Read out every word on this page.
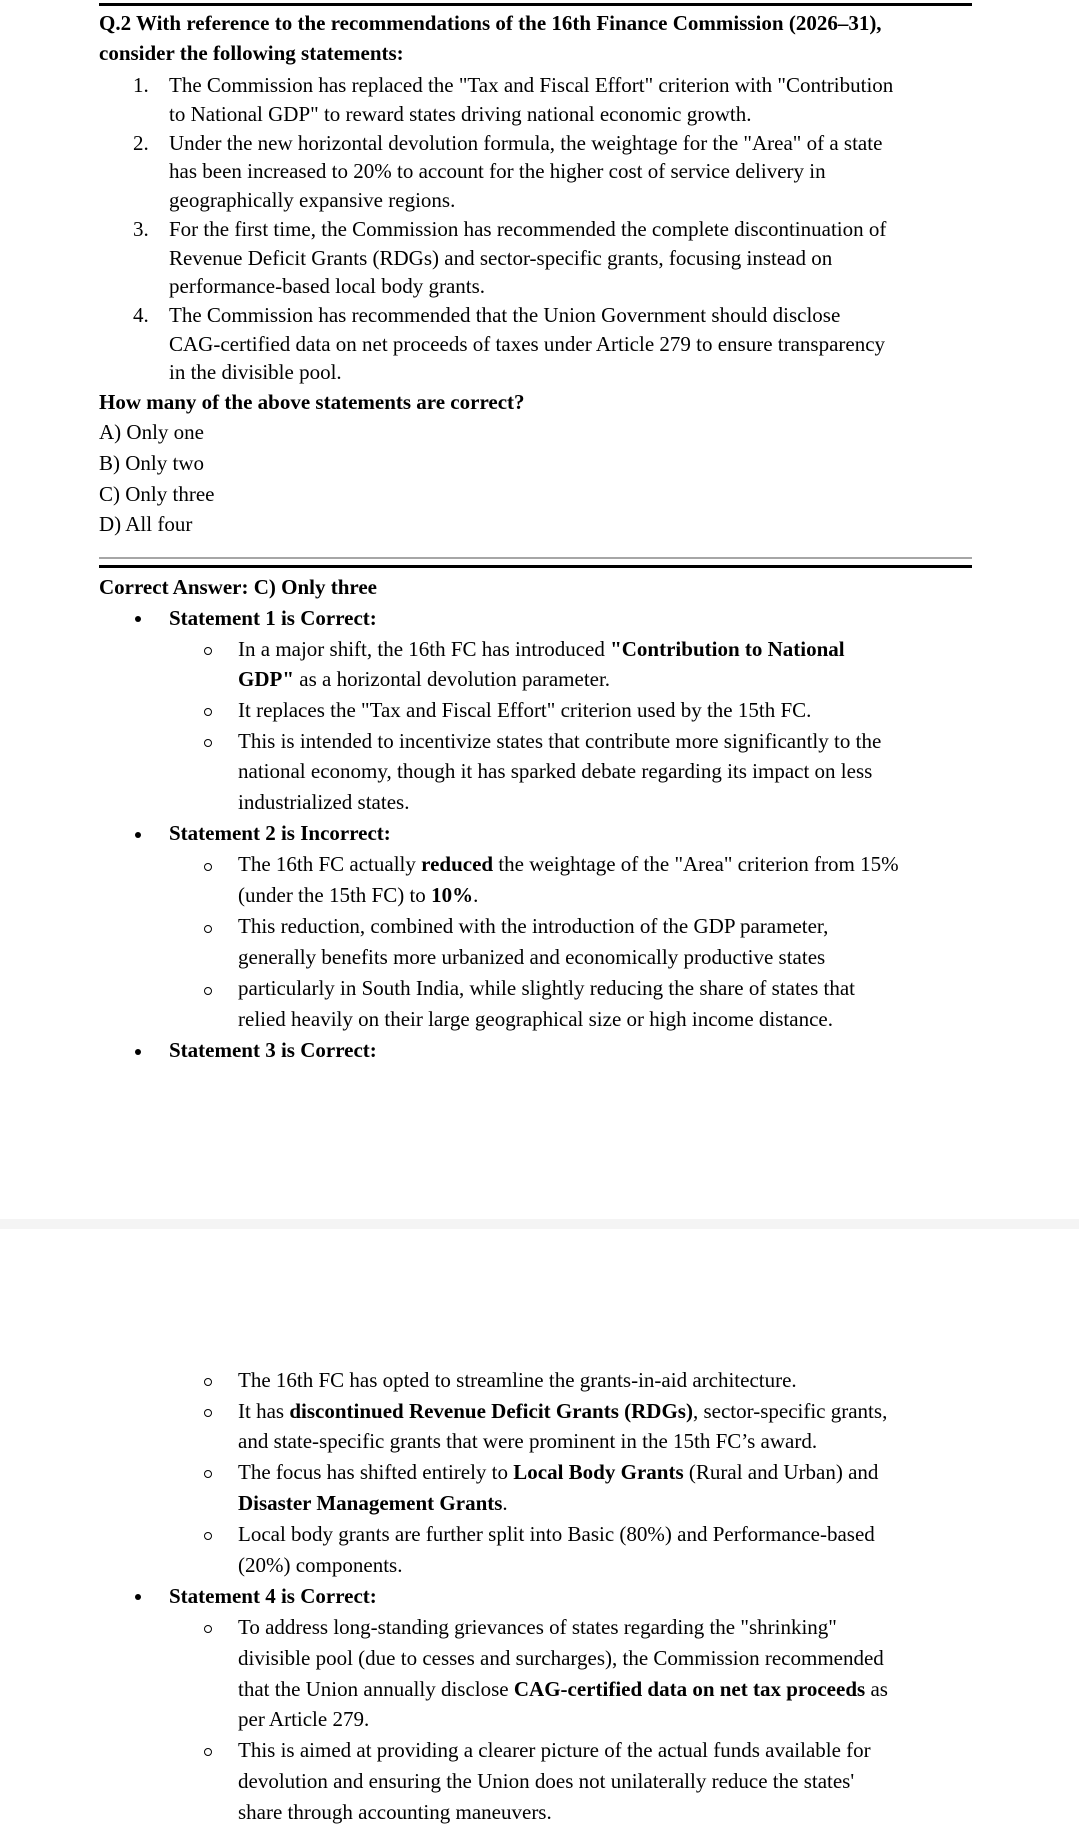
Q.2 With reference to the recommendations of the 16th Finance Commission (2026–31),
consider the following statements:
1. The Commission has replaced the "Tax and Fiscal Effort" criterion with "Contribution
to National GDP" to reward states driving national economic growth.
2. Under the new horizontal devolution formula, the weightage for the "Area" of a state
has been increased to 20% to account for the higher cost of service delivery in
geographically expansive regions.
3. For the first time, the Commission has recommended the complete discontinuation of
Revenue Deficit Grants (RDGs) and sector-specific grants, focusing instead on
performance-based local body grants.
4. The Commission has recommended that the Union Government should disclose
CAG-certified data on net proceeds of taxes under Article 279 to ensure transparency
in the divisible pool.
How many of the above statements are correct?
A) Only one
B) Only two
C) Only three
D) All four
Correct Answer: C) Only three
Statement 1 is Correct:
In a major shift, the 16th FC has introduced "Contribution to National
GDP" as a horizontal devolution parameter.
It replaces the "Tax and Fiscal Effort" criterion used by the 15th FC.
This is intended to incentivize states that contribute more significantly to the
national economy, though it has sparked debate regarding its impact on less
industrialized states.
Statement 2 is Incorrect:
The 16th FC actually reduced the weightage of the "Area" criterion from 15%
(under the 15th FC) to 10%.
This reduction, combined with the introduction of the GDP parameter,
generally benefits more urbanized and economically productive states
particularly in South India, while slightly reducing the share of states that
relied heavily on their large geographical size or high income distance.
Statement 3 is Correct:
The 16th FC has opted to streamline the grants-in-aid architecture.
It has discontinued Revenue Deficit Grants (RDGs), sector-specific grants,
and state-specific grants that were prominent in the 15th FC’s award.
The focus has shifted entirely to Local Body Grants (Rural and Urban) and
Disaster Management Grants.
Local body grants are further split into Basic (80%) and Performance-based
(20%) components.
Statement 4 is Correct:
To address long-standing grievances of states regarding the "shrinking"
divisible pool (due to cesses and surcharges), the Commission recommended
that the Union annually disclose CAG-certified data on net tax proceeds as
per Article 279.
This is aimed at providing a clearer picture of the actual funds available for
devolution and ensuring the Union does not unilaterally reduce the states'
share through accounting maneuvers.
